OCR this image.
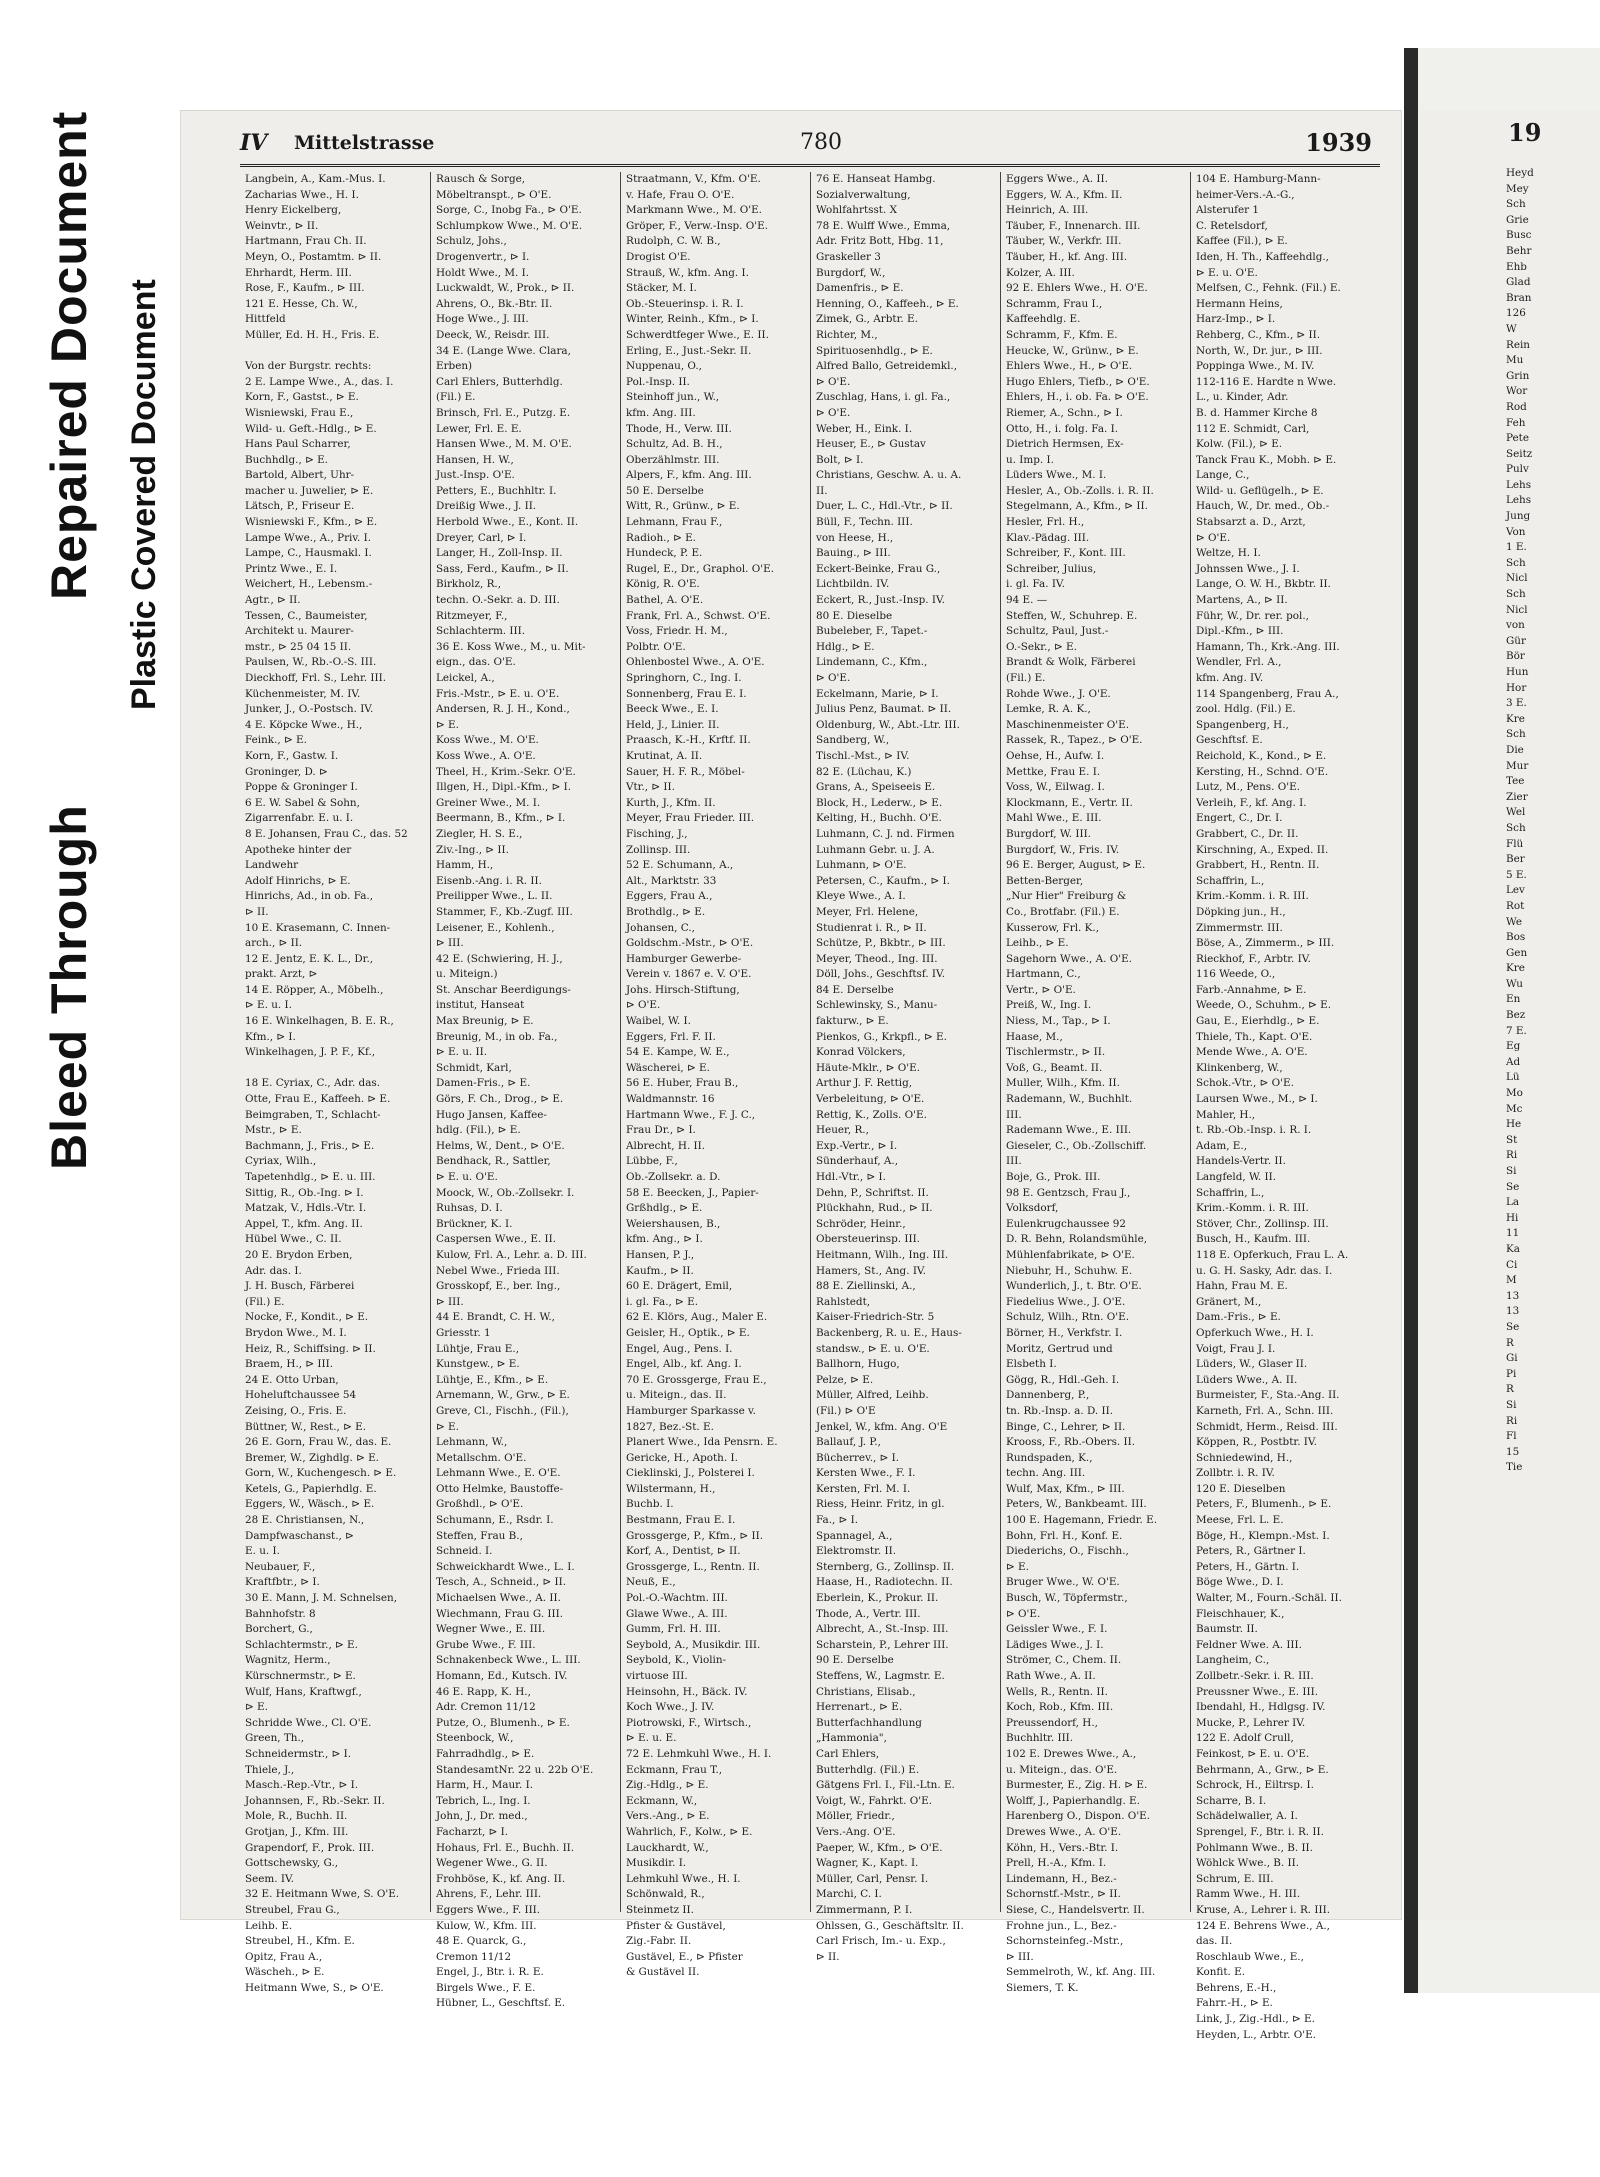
Bleed Through
Repaired Document Plastic Covered Document
IV Mittelstrasse	780	1939
Langbein, A., Kam.-Mus. I.
Zacharias Wwe., H. I.
Henry Eickelberg,
Weinvtr., ⊳ II.
Hartmann, Frau Ch. II.
Meyn, O., Postamtm. ⊳ II.
Ehrhardt, Herm. III.
Rose, F., Kaufm., ⊳ III.
121 E. Hesse, Ch. W.,
Hittfeld
Müller, Ed. H. H., Fris. E.

Von der Burgstr. rechts:
2 E. Lampe Wwe., A., das. I.
Korn, F., Gastst., ⊳ E.
Wisniewski, Frau E.,
Wild- u. Geft.-Hdlg., ⊳ E.
Hans Paul Scharrer,
Buchhdlg., ⊳ E.
Bartold, Albert, Uhr-
macher u. Juwelier, ⊳ E.
Lätsch, P., Friseur E.
Wisniewski F., Kfm., ⊳ E.
Lampe Wwe., A., Priv. I.
Lampe, C., Hausmakl. I.
Printz Wwe., E. I.
Weichert, H., Lebensm.-
Agtr., ⊳ II.
Tessen, C., Baumeister,
Architekt u. Maurer-
mstr., ⊳ 25 04 15 II.
Paulsen, W., Rb.-O.-S. III.
Dieckhoff, Frl. S., Lehr. III.
Küchenmeister, M. IV.
Junker, J., O.-Postsch. IV.
4 E. Köpcke Wwe., H.,
Feink., ⊳ E.
Korn, F., Gastw. I.
Groninger, D. ⊳
Poppe & Groninger I.
6 E. W. Sabel & Sohn,
Zigarrenfabr. E. u. I.
8 E. Johansen, Frau C., das. 52
Apotheke hinter der
Landwehr
Adolf Hinrichs, ⊳ E.
Hinrichs, Ad., in ob. Fa.,
⊳ II.
10 E. Krasemann, C. Innen-
arch., ⊳ II.
12 E. Jentz, E. K. L., Dr.,
prakt. Arzt, ⊳
14 E. Röpper, A., Möbelh.,
⊳ E. u. I.
16 E. Winkelhagen, B. E. R.,
Kfm., ⊳ I.
Winkelhagen, J. P. F., Kf.,

18 E. Cyriax, C., Adr. das.
Otte, Frau E., Kaffeeh. ⊳ E.
Beimgraben, T., Schlacht-
Mstr., ⊳ E.
Bachmann, J., Fris., ⊳ E.
Cyriax, Wilh.,
Tapetenhdlg., ⊳ E. u. III.
Sittig, R., Ob.-Ing. ⊳ I.
Matzak, V., Hdls.-Vtr. I.
Appel, T., kfm. Ang. II.
Hübel Wwe., C. II.
20 E. Brydon Erben,
Adr. das. I.
J. H. Busch, Färberei
(Fil.) E.
Nocke, F., Kondit., ⊳ E.
Brydon Wwe., M. I.
Heiz, R., Schiffsing. ⊳ II.
Braem, H., ⊳ III.
24 E. Otto Urban,
Hoheluftchaussee 54
Zeising, O., Fris. E.
Büttner, W., Rest., ⊳ E.
26 E. Gorn, Frau W., das. E.
Bremer, W., Zighdlg. ⊳ E.
Gorn, W., Kuchengesch. ⊳ E.
Ketels, G., Papierhdlg. E.
Eggers, W., Wäsch., ⊳ E.
28 E. Christiansen, N.,
Dampfwaschanst., ⊳
E. u. I.
Neubauer, F.,
Kraftfbtr., ⊳ I.
30 E. Mann, J. M. Schnelsen,
Bahnhofstr. 8
Borchert, G.,
Schlachtermstr., ⊳ E.
Wagnitz, Herm.,
Kürschnermstr., ⊳ E.
Wulf, Hans, Kraftwgf.,
⊳ E.
Schridde Wwe., Cl. O'E.
Green, Th.,
Schneidermstr., ⊳ I.
Thiele, J.,
Masch.-Rep.-Vtr., ⊳ I.
Johannsen, F., Rb.-Sekr. II.
Mole, R., Buchh. II.
Grotjan, J., Kfm. III.
Grapendorf, F., Prok. III.
Gottschewsky, G.,
Seem. IV.
32 E. Heitmann Wwe, S. O'E.
Streubel, Frau G.,
Leihb. E.
Streubel, H., Kfm. E.
Opitz, Frau A.,
Wäscheh., ⊳ E.
Heitmann Wwe, S., ⊳ O'E.
Rausch & Sorge,
Möbeltranspt., ⊳ O'E.
Sorge, C., Inobg Fa., ⊳ O'E.
Schlumpkow Wwe., M. O'E.
Schulz, Johs.,
Drogenvertr., ⊳ I.
Holdt Wwe., M. I.
Luckwaldt, W., Prok., ⊳ II.
Ahrens, O., Bk.-Btr. II.
Hoge Wwe., J. III.
Deeck, W., Reisdr. III.
34 E. (Lange Wwe. Clara,
Erben)
Carl Ehlers, Butterhdlg.
(Fil.) E.
Brinsch, Frl. E., Putzg. E.
Lewer, Frl. E. E.
Hansen Wwe., M. M. O'E.
Hansen, H. W.,
Just.-Insp. O'E.
Petters, E., Buchhltr. I.
Dreißig Wwe., J. II.
Herbold Wwe., E., Kont. II.
Dreyer, Carl, ⊳ I.
Langer, H., Zoll-Insp. II.
Sass, Ferd., Kaufm., ⊳ II.
Birkholz, R.,
techn. O.-Sekr. a. D. III.
Ritzmeyer, F.,
Schlachterm. III.
36 E. Koss Wwe., M., u. Mit-
eign., das. O'E.
Leickel, A.,
Fris.-Mstr., ⊳ E. u. O'E.
Andersen, R. J. H., Kond.,
⊳ E.
Koss Wwe., M. O'E.
Koss Wwe., A. O'E.
Theel, H., Krim.-Sekr. O'E.
Illgen, H., Dipl.-Kfm., ⊳ I.
Greiner Wwe., M. I.
Beermann, B., Kfm., ⊳ I.
Ziegler, H. S. E.,
Ziv.-Ing., ⊳ II.
Hamm, H.,
Eisenb.-Ang. i. R. II.
Preilipper Wwe., L. II.
Stammer, F., Kb.-Zugf. III.
Leisener, E., Kohlenh.,
⊳ III.
42 E. (Schwiering, H. J.,
u. Miteign.)
St. Anschar Beerdigungs-
institut, Hanseat
Max Breunig, ⊳ E.
Breunig, M., in ob. Fa.,
⊳ E. u. II.
Schmidt, Karl,
Damen-Fris., ⊳ E.
Görs, F. Ch., Drog., ⊳ E.
Hugo Jansen, Kaffee-
hdlg. (Fil.), ⊳ E.
Helms, W., Dent., ⊳ O'E.
Bendhack, R., Sattler,
⊳ E. u. O'E.
Moock, W., Ob.-Zollsekr. I.
Ruhsas, D. I.
Brückner, K. I.
Caspersen Wwe., E. II.
Kulow, Frl. A., Lehr. a. D. III.
Nebel Wwe., Frieda III.
Grosskopf, E., ber. Ing.,
⊳ III.
44 E. Brandt, C. H. W.,
Griesstr. 1
Lühtje, Frau E.,
Kunstgew., ⊳ E.
Lühtje, E., Kfm., ⊳ E.
Arnemann, W., Grw., ⊳ E.
Greve, Cl., Fischh., (Fil.),
⊳ E.
Lehmann, W.,
Metallschm. O'E.
Lehmann Wwe., E. O'E.
Otto Helmke, Baustoffe-
Großhdl., ⊳ O'E.
Schumann, E., Rsdr. I.
Steffen, Frau B.,
Schneid. I.
Schweickhardt Wwe., L. I.
Tesch, A., Schneid., ⊳ II.
Michaelsen Wwe., A. II.
Wiechmann, Frau G. III.
Wegner Wwe., E. III.
Grube Wwe., F. III.
Schnakenbeck Wwe., L. III.
Homann, Ed., Kutsch. IV.
46 E. Rapp, K. H.,
Adr. Cremon 11/12
Putze, O., Blumenh., ⊳ E.
Steenbock, W.,
Fahrradhdlg., ⊳ E.
StandesamtNr. 22 u. 22b O'E.
Harm, H., Maur. I.
Tebrich, L., Ing. I.
John, J., Dr. med.,
Facharzt, ⊳ I.
Hohaus, Frl. E., Buchh. II.
Wegener Wwe., G. II.
Frohböse, K., kf. Ang. II.
Ahrens, F., Lehr. III.
Eggers Wwe., F. III.
Kulow, W., Kfm. III.
48 E. Quarck, G.,
Cremon 11/12
Engel, J., Btr. i. R. E.
Birgels Wwe., F. E.
Hübner, L., Geschftsf. E.
Straatmann, V., Kfm. O'E.
v. Hafe, Frau O. O'E.
Markmann Wwe., M. O'E.
Gröper, F., Verw.-Insp. O'E.
Rudolph, C. W. B.,
Drogist O'E.
Strauß, W., kfm. Ang. I.
Stäcker, M. I.
Ob.-Steuerinsp. i. R. I.
Winter, Reinh., Kfm., ⊳ I.
Schwerdtfeger Wwe., E. II.
Erling, E., Just.-Sekr. II.
Nuppenau, O.,
Pol.-Insp. II.
Steinhoff jun., W.,
kfm. Ang. III.
Thode, H., Verw. III.
Schultz, Ad. B. H.,
Oberzählmstr. III.
Alpers, F., kfm. Ang. III.
50 E. Derselbe
Witt, R., Grünw., ⊳ E.
Lehmann, Frau F.,
Radioh., ⊳ E.
Hundeck, P. E.
Rugel, E., Dr., Graphol. O'E.
König, R. O'E.
Bathel, A. O'E.
Frank, Frl. A., Schwst. O'E.
Voss, Friedr. H. M.,
Polbtr. O'E.
Ohlenbostel Wwe., A. O'E.
Springhorn, C., Ing. I.
Sonnenberg, Frau E. I.
Beeck Wwe., E. I.
Held, J., Linier. II.
Praasch, K.-H., Krftf. II.
Krutinat, A. II.
Sauer, H. F. R., Möbel-
Vtr., ⊳ II.
Kurth, J., Kfm. II.
Meyer, Frau Frieder. III.
Fisching, J.,
Zollinsp. III.
52 E. Schumann, A.,
Alt., Marktstr. 33
Eggers, Frau A.,
Brothdlg., ⊳ E.
Johansen, C.,
Goldschm.-Mstr., ⊳ O'E.
Hamburger Gewerbe-
Verein v. 1867 e. V. O'E.
Johs. Hirsch-Stiftung,
⊳ O'E.
Waibel, W. I.
Eggers, Frl. F. II.
54 E. Kampe, W. E.,
Wäscherei, ⊳ E.
56 E. Huber, Frau B.,
Waldmannstr. 16
Hartmann Wwe., F. J. C.,
Frau Dr., ⊳ I.
Albrecht, H. II.
Lübbe, F.,
Ob.-Zollsekr. a. D.
58 E. Beecken, J., Papier-
Grßhdlg., ⊳ E.
Weiershausen, B.,
kfm. Ang., ⊳ I.
Hansen, P. J.,
Kaufm., ⊳ II.
60 E. Drägert, Emil,
i. gl. Fa., ⊳ E.
62 E. Klörs, Aug., Maler E.
Geisler, H., Optik., ⊳ E.
Engel, Aug., Pens. I.
Engel, Alb., kf. Ang. I.
70 E. Grossgerge, Frau E.,
u. Miteign., das. II.
Hamburger Sparkasse v.
1827, Bez.-St. E.
Planert Wwe., Ida Pensrn. E.
Gericke, H., Apoth. I.
Cieklinski, J., Polsterei I.
Wilstermann, H.,
Buchb. I.
Bestmann, Frau E. I.
Grossgerge, P., Kfm., ⊳ II.
Korf, A., Dentist, ⊳ II.
Grossgerge, L., Rentn. II.
Neuß, E.,
Pol.-O.-Wachtm. III.
Glawe Wwe., A. III.
Gumm, Frl. H. III.
Seybold, A., Musikdir. III.
Seybold, K., Violin-
virtuose III.
Heinsohn, H., Bäck. IV.
Koch Wwe., J. IV.
Piotrowski, F., Wirtsch.,
⊳ E. u. E.
72 E. Lehmkuhl Wwe., H. I.
Eckmann, Frau T.,
Zig.-Hdlg., ⊳ E.
Eckmann, W.,
Vers.-Ang., ⊳ E.
Wahrlich, F., Kolw., ⊳ E.
Lauckhardt, W.,
Musikdir. I.
Lehmkuhl Wwe., H. I.
Schönwald, R.,
Steinmetz II.
Pfister & Gustävel,
Zig.-Fabr. II.
Gustävel, E., ⊳ Pfister
& Gustävel II.
76 E. Hanseat Hambg.
Sozialverwaltung,
Wohlfahrtsst. X
78 E. Wulff Wwe., Emma,
Adr. Fritz Bott, Hbg. 11,
Graskeller 3
Burgdorf, W.,
Damenfris., ⊳ E.
Henning, O., Kaffeeh., ⊳ E.
Zimek, G., Arbtr. E.
Richter, M.,
Spirituosenhdlg., ⊳ E.
Alfred Ballo, Getreidemkl.,
⊳ O'E.
Zuschlag, Hans, i. gl. Fa.,
⊳ O'E.
Weber, H., Eink. I.
Heuser, E., ⊳ Gustav
Bolt, ⊳ I.
Christians, Geschw. A. u. A.
II.
Duer, L. C., Hdl.-Vtr., ⊳ II.
Büll, F., Techn. III.
von Heese, H.,
Bauing., ⊳ III.
Eckert-Beinke, Frau G.,
Lichtbildn. IV.
Eckert, R., Just.-Insp. IV.
80 E. Dieselbe
Bubeleber, F., Tapet.-
Hdlg., ⊳ E.
Lindemann, C., Kfm.,
⊳ O'E.
Eckelmann, Marie, ⊳ I.
Julius Penz, Baumat. ⊳ II.
Oldenburg, W., Abt.-Ltr. III.
Sandberg, W.,
Tischl.-Mst., ⊳ IV.
82 E. (Lüchau, K.)
Grans, A., Speiseeis E.
Block, H., Lederw., ⊳ E.
Kelting, H., Buchh. O'E.
Luhmann, C. J. nd. Firmen
Luhmann Gebr. u. J. A.
Luhmann, ⊳ O'E.
Petersen, C., Kaufm., ⊳ I.
Kleye Wwe., A. I.
Meyer, Frl. Helene,
Studienrat i. R., ⊳ II.
Schütze, P., Bkbtr., ⊳ III.
Meyer, Theod., Ing. III.
Döll, Johs., Geschftsf. IV.
84 E. Derselbe
Schlewinsky, S., Manu-
fakturw., ⊳ E.
Pienkos, G., Krkpfl., ⊳ E.
Konrad Völckers,
Häute-Mklr., ⊳ O'E.
Arthur J. F. Rettig,
Verbeleitung, ⊳ O'E.
Rettig, K., Zolls. O'E.
Heuer, R.,
Exp.-Vertr., ⊳ I.
Sünderhauf, A.,
Hdl.-Vtr., ⊳ I.
Dehn, P., Schriftst. II.
Plückhahn, Rud., ⊳ II.
Schröder, Heinr.,
Obersteuerinsp. III.
Heitmann, Wilh., Ing. III.
Hamers, St., Ang. IV.
88 E. Ziellinski, A.,
Rahlstedt,
Kaiser-Friedrich-Str. 5
Backenberg, R. u. E., Haus-
standsw., ⊳ E. u. O'E.
Ballhorn, Hugo,
Pelze, ⊳ E.
Müller, Alfred, Leihb.
(Fil.) ⊳ O'E
Jenkel, W., kfm. Ang. O'E
Ballauf, J. P.,
Bücherrev., ⊳ I.
Kersten Wwe., F. I.
Kersten, Frl. M. I.
Riess, Heinr. Fritz, in gl.
Fa., ⊳ I.
Spannagel, A.,
Elektromstr. II.
Sternberg, G., Zollinsp. II.
Haase, H., Radiotechn. II.
Eberlein, K., Prokur. II.
Thode, A., Vertr. III.
Albrecht, A., St.-Insp. III.
Scharstein, P., Lehrer III.
90 E. Derselbe
Steffens, W., Lagmstr. E.
Christians, Elisab.,
Herrenart., ⊳ E.
Butterfachhandlung
„Hammonia",
Carl Ehlers,
Butterhdlg. (Fil.) E.
Gätgens Frl. I., Fil.-Ltn. E.
Voigt, W., Fahrkt. O'E.
Möller, Friedr.,
Vers.-Ang. O'E.
Paeper, W., Kfm., ⊳ O'E.
Wagner, K., Kapt. I.
Müller, Carl, Pensr. I.
Marchi, C. I.
Zimmermann, P. I.
Ohlssen, G., Geschäftsltr. II.
Carl Frisch, Im.- u. Exp.,
⊳ II.
Eggers Wwe., A. II.
Eggers, W. A., Kfm. II.
Heinrich, A. III.
Täuber, F., Innenarch. III.
Täuber, W., Verkfr. III.
Täuber, H., kf. Ang. III.
Kolzer, A. III.
92 E. Ehlers Wwe., H. O'E.
Schramm, Frau I.,
Kaffeehdlg. E.
Schramm, F., Kfm. E.
Heucke, W., Grünw., ⊳ E.
Ehlers Wwe., H., ⊳ O'E.
Hugo Ehlers, Tiefb., ⊳ O'E.
Ehlers, H., i. ob. Fa. ⊳ O'E.
Riemer, A., Schn., ⊳ I.
Otto, H., i. folg. Fa. I.
Dietrich Hermsen, Ex-
u. Imp. I.
Lüders Wwe., M. I.
Hesler, A., Ob.-Zolls. i. R. II.
Stegelmann, A., Kfm., ⊳ II.
Hesler, Frl. H.,
Klav.-Pädag. III.
Schreiber, F., Kont. III.
Schreiber, Julius,
i. gl. Fa. IV.
94 E. —
Steffen, W., Schuhrep. E.
Schultz, Paul, Just.-
O.-Sekr., ⊳ E.
Brandt & Wolk, Färberei
(Fil.) E.
Rohde Wwe., J. O'E.
Lemke, R. A. K.,
Maschinenmeister O'E.
Rassek, R., Tapez., ⊳ O'E.
Oehse, H., Aufw. I.
Mettke, Frau E. I.
Voss, W., Eilwag. I.
Klockmann, E., Vertr. II.
Mahl Wwe., E. III.
Burgdorf, W. III.
Burgdorf, W., Fris. IV.
96 E. Berger, August, ⊳ E.
Betten-Berger,
„Nur Hier" Freiburg &
Co., Brotfabr. (Fil.) E.
Kusserow, Frl. K.,
Leihb., ⊳ E.
Sagehorn Wwe., A. O'E.
Hartmann, C.,
Vertr., ⊳ O'E.
Preiß, W., Ing. I.
Niess, M., Tap., ⊳ I.
Haase, M.,
Tischlermstr., ⊳ II.
Voß, G., Beamt. II.
Muller, Wilh., Kfm. II.
Rademann, W., Buchhlt.
III.
Rademann Wwe., E. III.
Gieseler, C., Ob.-Zollschiff.
III.
Boje, G., Prok. III.
98 E. Gentzsch, Frau J.,
Volksdorf,
Eulenkrugchaussee 92
D. R. Behn, Rolandsmühle,
Mühlenfabrikate, ⊳ O'E.
Niebuhr, H., Schuhw. E.
Wunderlich, J., t. Btr. O'E.
Fiedelius Wwe., J. O'E.
Schulz, Wilh., Rtn. O'E.
Börner, H., Verkfstr. I.
Moritz, Gertrud und
Elsbeth I.
Gögg, R., Hdl.-Geh. I.
Dannenberg, P.,
tn. Rb.-Insp. a. D. II.
Binge, C., Lehrer, ⊳ II.
Krooss, F., Rb.-Obers. II.
Rundspaden, K.,
techn. Ang. III.
Wulf, Max, Kfm., ⊳ III.
Peters, W., Bankbeamt. III.
100 E. Hagemann, Friedr. E.
Bohn, Frl. H., Konf. E.
Diederichs, O., Fischh.,
⊳ E.
Bruger Wwe., W. O'E.
Busch, W., Töpfermstr.,
⊳ O'E.
Geissler Wwe., F. I.
Lädiges Wwe., J. I.
Strömer, C., Chem. II.
Rath Wwe., A. II.
Wells, R., Rentn. II.
Koch, Rob., Kfm. III.
Preussendorf, H.,
Buchhltr. III.
102 E. Drewes Wwe., A.,
u. Miteign., das. O'E.
Burmester, E., Zig. H. ⊳ E.
Wolff, J., Papierhandlg. E.
Harenberg O., Dispon. O'E.
Drewes Wwe., A. O'E.
Köhn, H., Vers.-Btr. I.
Prell, H.-A., Kfm. I.
Lindemann, H., Bez.-
Schornstf.-Mstr., ⊳ II.
Siese, C., Handelsvertr. II.
Frohne jun., L., Bez.-
Schornsteinfeg.-Mstr.,
⊳ III.
Semmelroth, W., kf. Ang. III.
Siemers, T. K.
104 E. Hamburg-Mann-
heimer-Vers.-A.-G.,
Alsterufer 1
C. Retelsdorf,
Kaffee (Fil.), ⊳ E.
Iden, H. Th., Kaffeehdlg.,
⊳ E. u. O'E.
Melfsen, C., Fehnk. (Fil.) E.
Hermann Heins,
Harz-Imp., ⊳ I.
Rehberg, C., Kfm., ⊳ II.
North, W., Dr. jur., ⊳ III.
Poppinga Wwe., M. IV.
112-116 E. Hardte n Wwe.
L., u. Kinder, Adr.
B. d. Hammer Kirche 8
112 E. Schmidt, Carl,
Kolw. (Fil.), ⊳ E.
Tanck Frau K., Mobh. ⊳ E.
Lange, C.,
Wild- u. Geflügelh., ⊳ E.
Hauch, W., Dr. med., Ob.-
Stabsarzt a. D., Arzt,
⊳ O'E.
Weltze, H. I.
Johnssen Wwe., J. I.
Lange, O. W. H., Bkbtr. II.
Martens, A., ⊳ II.
Führ, W., Dr. rer. pol.,
Dipl.-Kfm., ⊳ III.
Hamann, Th., Krk.-Ang. III.
Wendler, Frl. A.,
kfm. Ang. IV.
114 Spangenberg, Frau A.,
zool. Hdlg. (Fil.) E.
Spangenberg, H.,
Geschftsf. E.
Reichold, K., Kond., ⊳ E.
Kersting, H., Schnd. O'E.
Lutz, M., Pens. O'E.
Verleih, F., kf. Ang. I.
Engert, C., Dr. I.
Grabbert, C., Dr. II.
Kirschning, A., Exped. II.
Grabbert, H., Rentn. II.
Schaffrin, L.,
Krim.-Komm. i. R. III.
Döpking jun., H.,
Zimmermstr. III.
Böse, A., Zimmerm., ⊳ III.
Rieckhof, F., Arbtr. IV.
116 Weede, O.,
Farb.-Annahme, ⊳ E.
Weede, O., Schuhm., ⊳ E.
Gau, E., Eierhdlg., ⊳ E.
Thiele, Th., Kapt. O'E.
Mende Wwe., A. O'E.
Klinkenberg, W.,
Schok.-Vtr., ⊳ O'E.
Laursen Wwe., M., ⊳ I.
Mahler, H.,
t. Rb.-Ob.-Insp. i. R. I.
Adam, E.,
Handels-Vertr. II.
Langfeld, W. II.
Schaffrin, L.,
Krim.-Komm. i. R. III.
Stöver, Chr., Zollinsp. III.
Busch, H., Kaufm. III.
118 E. Opferkuch, Frau L. A.
u. G. H. Sasky, Adr. das. I.
Hahn, Frau M. E.
Gränert, M.,
Dam.-Fris., ⊳ E.
Opferkuch Wwe., H. I.
Voigt, Frau J. I.
Lüders, W., Glaser II.
Lüders Wwe., A. II.
Burmeister, F., Sta.-Ang. II.
Karneth, Frl. A., Schn. III.
Schmidt, Herm., Reisd. III.
Köppen, R., Postbtr. IV.
Schniedewind, H.,
Zollbtr. i. R. IV.
120 E. Dieselben
Peters, F., Blumenh., ⊳ E.
Meese, Frl. L. E.
Böge, H., Klempn.-Mst. I.
Peters, R., Gärtner I.
Peters, H., Gärtn. I.
Böge Wwe., D. I.
Walter, M., Fourn.-Schäl. II.
Fleischhauer, K.,
Baumstr. II.
Feldner Wwe. A. III.
Langheim, C.,
Zollbetr.-Sekr. i. R. III.
Preussner Wwe., E. III.
Ibendahl, H., Hdlgsg. IV.
Mucke, P., Lehrer IV.
122 E. Adolf Crull,
Feinkost, ⊳ E. u. O'E.
Behrmann, A., Grw., ⊳ E.
Schrock, H., Eiltrsp. I.
Scharre, B. I.
Schädelwaller, A. I.
Sprengel, F., Btr. i. R. II.
Pohlmann Wwe., B. II.
Wöhlck Wwe., B. II.
Schrum, E. III.
Ramm Wwe., H. III.
Kruse, A., Lehrer i. R. III.
124 E. Behrens Wwe., A.,
das. II.
Roschlaub Wwe., E.,
Konfit. E.
Behrens, E.-H.,
Fahrr.-H., ⊳ E.
Link, J., Zig.-Hdl., ⊳ E.
Heyden, L., Arbtr. O'E.
19
Heyd
Mey
Sch
Grie
Busc
Behr
Ehb
Glad
Bran
126
W
Rein
Mu
Grin
Wor
Rod
Feh
Pete
Seitz
Pulv
Lehs
Lehs
Jung
Von
1 E.
Sch
Nicl
Sch
Nicl
von
Gür
Bör
Hun
Hor
3 E.
Kre
Sch
Die
Mur
Tee
Zier
Wel
Sch
Flü
Ber
5 E.
Lev
Rot
We
Bos
Gen
Kre
Wu
En
Bez
7 E.
Eg
Ad
Lü
Mo
Mc
He
St
Ri
Si
Se
La
Hi
11
Ka
Ci
M
13
13
Se
R
Gi
Pi
R
Si
Ri
Fl
15
Tie
